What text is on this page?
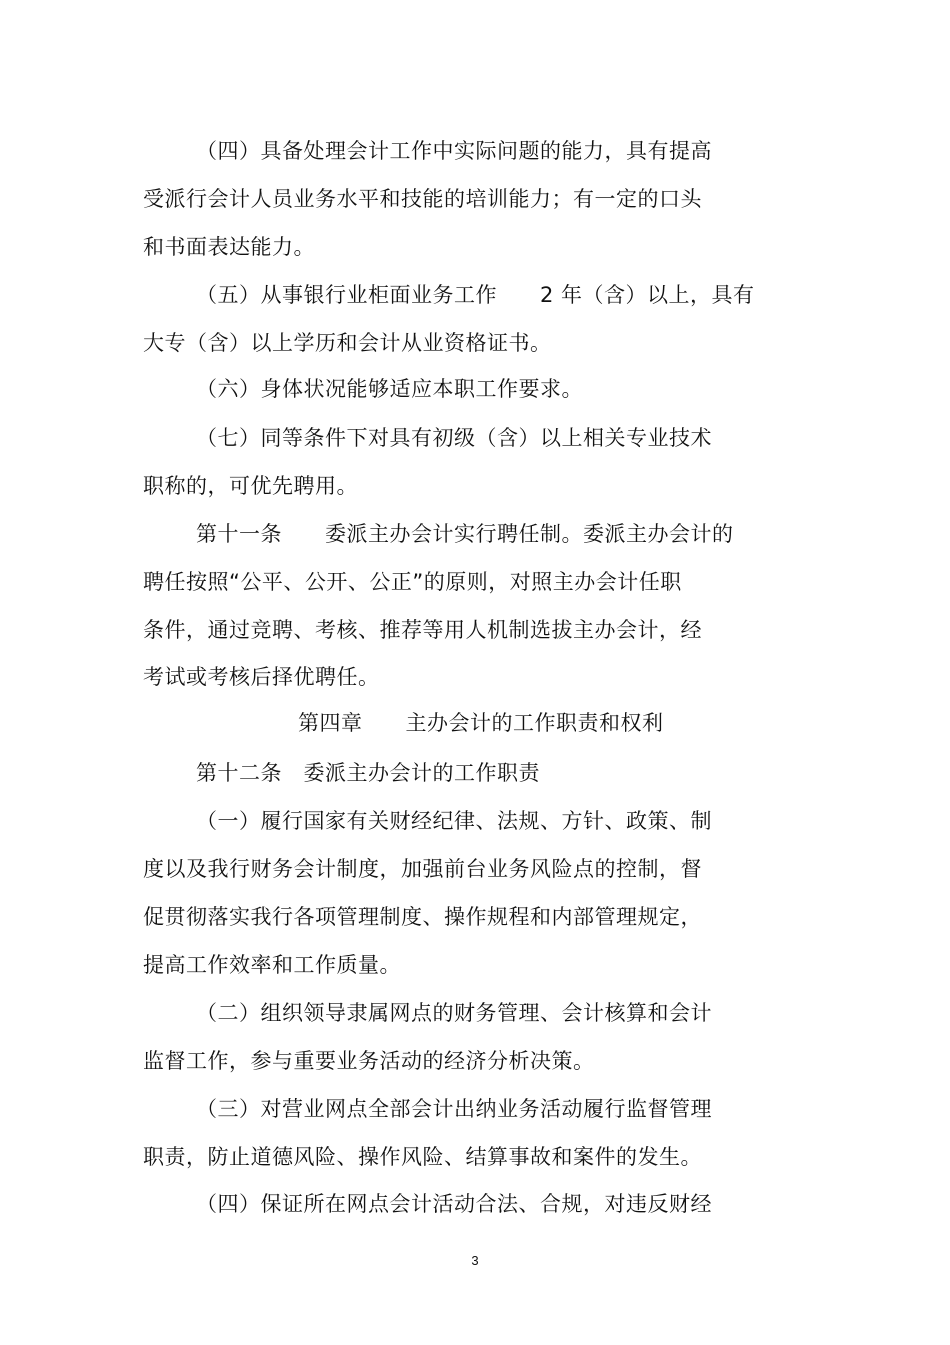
（四）具备处理会计工作中实际问题的能力，具有提高
受派行会计人员业务水平和技能的培训能力；有一定的口头
和书面表达能力。
（五）从事银行业柜面业务工作　　2 年（含）以上，具有
大专（含）以上学历和会计从业资格证书。
（六）身体状况能够适应本职工作要求。
（七）同等条件下对具有初级（含）以上相关专业技术
职称的，可优先聘用。
第十一条　　委派主办会计实行聘任制。委派主办会计的
聘任按照“公平、公开、公正”的原则，对照主办会计任职
条件，通过竞聘、考核、推荐等用人机制选拔主办会计，经
考试或考核后择优聘任。
第四章　　主办会计的工作职责和权利
第十二条　委派主办会计的工作职责
（一）履行国家有关财经纪律、法规、方针、政策、制
度以及我行财务会计制度，加强前台业务风险点的控制，督
促贯彻落实我行各项管理制度、操作规程和内部管理规定，
提高工作效率和工作质量。
（二）组织领导隶属网点的财务管理、会计核算和会计
监督工作，参与重要业务活动的经济分析决策。
（三）对营业网点全部会计出纳业务活动履行监督管理
职责，防止道德风险、操作风险、结算事故和案件的发生。
（四）保证所在网点会计活动合法、合规，对违反财经
3
